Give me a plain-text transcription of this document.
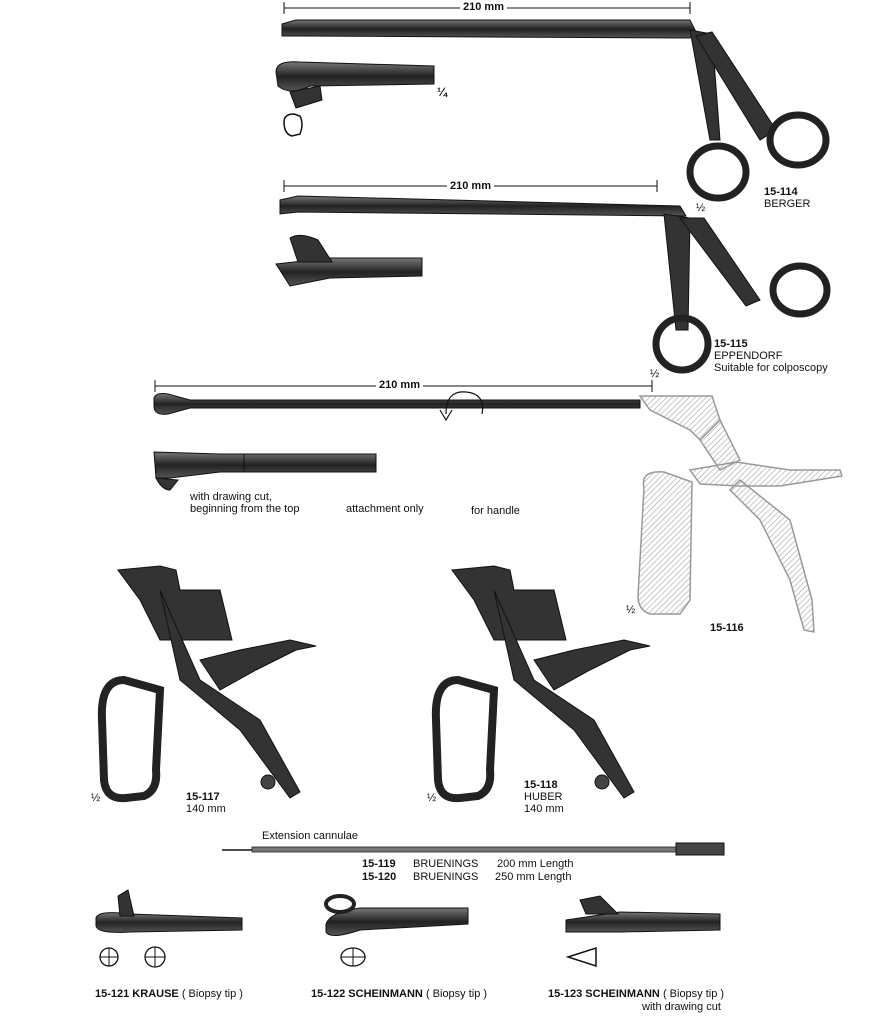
210 mm
¼
½
15-114
BERGER
210 mm
15-115
EPPENDORF
Suitable for colposcopy
½
210 mm
with drawing cut,
beginning from the top	attachment only	for handle
½
15-116
½	15-117
140 mm
½
15-118
HUBER
140 mm
Extension cannulae
15-119 BRUENINGS 200 mm Length
15-120 BRUENINGS 250 mm Length
15-121 KRAUSE ( Biopsy tip )	15-122 SCHEINMANN ( Biopsy tip )	15-123 SCHEINMANN ( Biopsy tip )
with drawing cut
